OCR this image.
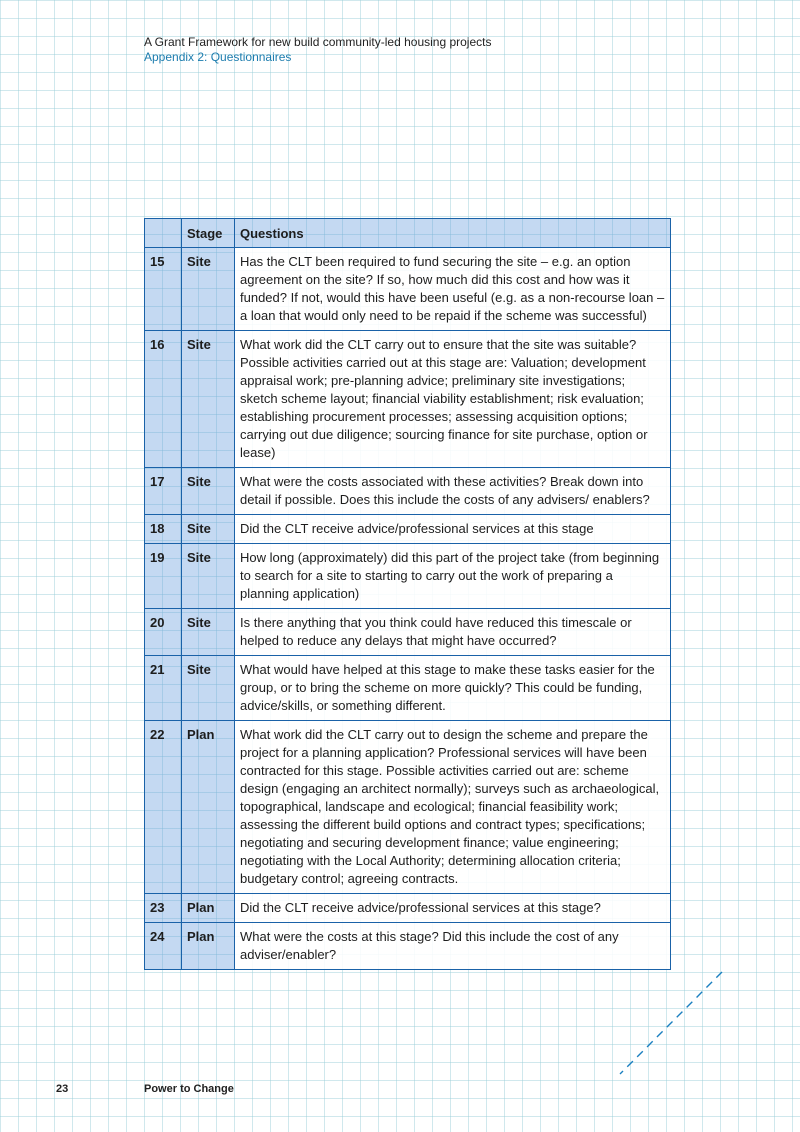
A Grant Framework for new build community-led housing projects
Appendix 2: Questionnaires
	Stage	Questions
15	Site	Has the CLT been required to fund securing the site – e.g. an option agreement on the site? If so, how much did this cost and how was it funded? If not, would this have been useful (e.g. as a non-recourse loan – a loan that would only need to be repaid if the scheme was successful)
16	Site	What work did the CLT carry out to ensure that the site was suitable? Possible activities carried out at this stage are: Valuation; development appraisal work; pre-planning advice; preliminary site investigations; sketch scheme layout; financial viability establishment; risk evaluation; establishing procurement processes; assessing acquisition options; carrying out due diligence; sourcing finance for site purchase, option or lease)
17	Site	What were the costs associated with these activities? Break down into detail if possible. Does this include the costs of any advisers/ enablers?
18	Site	Did the CLT receive advice/professional services at this stage
19	Site	How long (approximately) did this part of the project take (from beginning to search for a site to starting to carry out the work of preparing a planning application)
20	Site	Is there anything that you think could have reduced this timescale or helped to reduce any delays that might have occurred?
21	Site	What would have helped at this stage to make these tasks easier for the group, or to bring the scheme on more quickly? This could be funding, advice/skills, or something different.
22	Plan	What work did the CLT carry out to design the scheme and prepare the project for a planning application? Professional services will have been contracted for this stage. Possible activities carried out are: scheme design (engaging an architect normally); surveys such as archaeological, topographical, landscape and ecological; financial feasibility work; assessing the different build options and contract types; specifications; negotiating and securing development finance; value engineering; negotiating with the Local Authority; determining allocation criteria; budgetary control; agreeing contracts.
23	Plan	Did the CLT receive advice/professional services at this stage?
24	Plan	What were the costs at this stage? Did this include the cost of any adviser/enabler?
23	Power to Change
